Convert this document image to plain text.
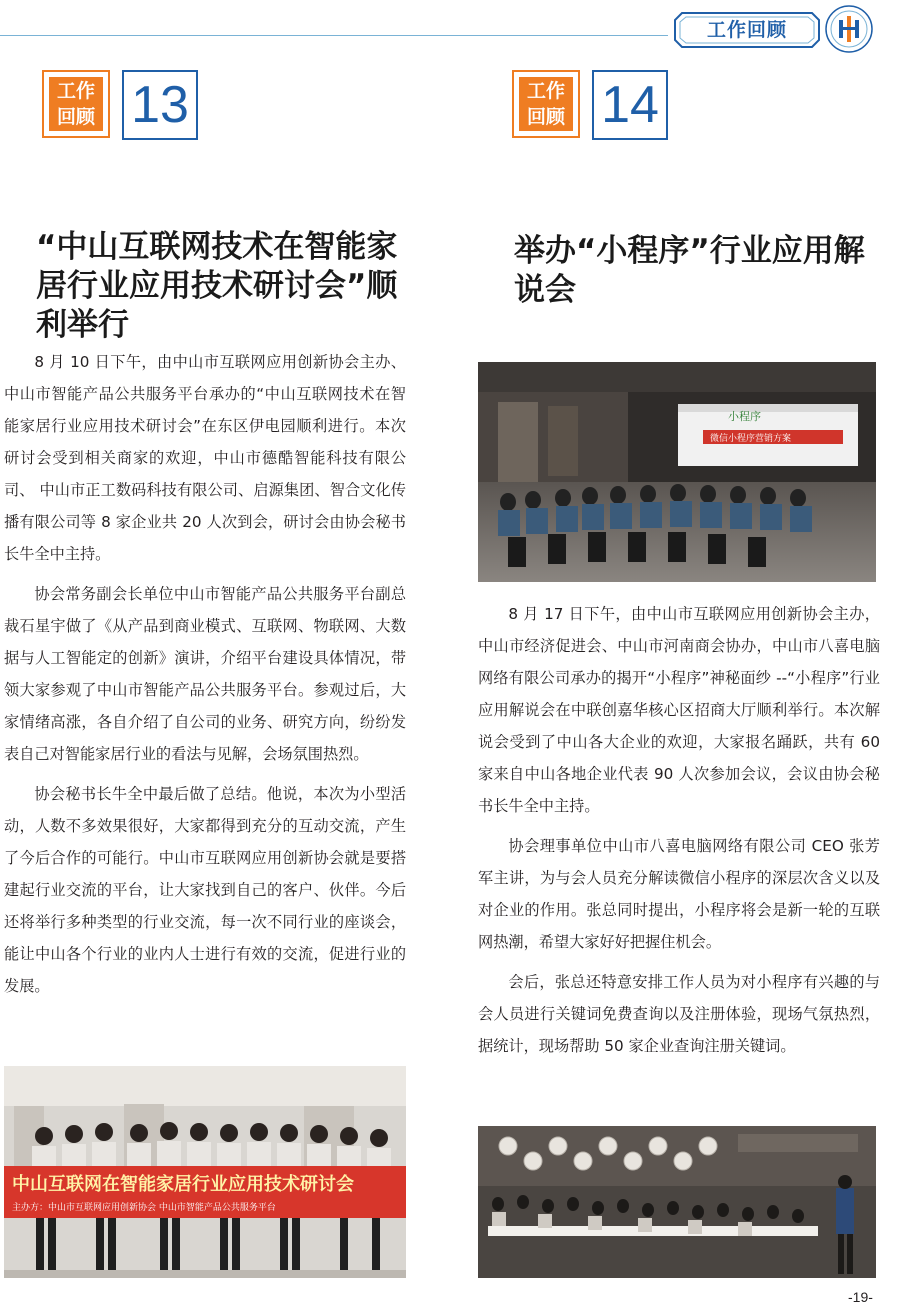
工作回顾
工作回顾 13	工作回顾 14
“中山互联网技术在智能家居行业应用技术研讨会”顺利举行

8 月 10 日下午，由中山市互联网应用创新协会主办、中山市智能产品公共服务平台承办的“中山互联网技术在智能家居行业应用技术研讨会”在东区伊电园顺利进行。本次研讨会受到相关商家的欢迎，中山市德酷智能科技有限公司、 中山市正工数码科技有限公司、启源集团、智合文化传播有限公司等 8 家企业共 20 人次到会，研讨会由协会秘书长牛全中主持。

协会常务副会长单位中山市智能产品公共服务平台副总裁石星宇做了《从产品到商业模式、互联网、物联网、大数据与人工智能定的创新》演讲，介绍平台建设具体情况，带领大家参观了中山市智能产品公共服务平台。参观过后，大家情绪高涨，各自介绍了自公司的业务、研究方向，纷纷发表自己对智能家居行业的看法与见解，会场氛围热烈。

协会秘书长牛全中最后做了总结。他说，本次为小型活动，人数不多效果很好，大家都得到充分的互动交流，产生了今后合作的可能行。中山市互联网应用创新协会就是要搭建起行业交流的平台，让大家找到自己的客户、伙伴。今后还将举行多种类型的行业交流，每一次不同行业的座谈会，能让中山各个行业的业内人士进行有效的交流，促进行业的发展。

举办“小程序”行业应用解说会

8 月 17 日下午，由中山市互联网应用创新协会主办，中山市经济促进会、中山市河南商会协办，中山市八喜电脑网络有限公司承办的揭开“小程序”神秘面纱 --“小程序”行业应用解说会在中联创嘉华核心区招商大厅顺利举行。本次解说会受到了中山各大企业的欢迎，大家报名踊跃，共有 60 家来自中山各地企业代表 90 人次参加会议，会议由协会秘书长牛全中主持。

协会理事单位中山市八喜电脑网络有限公司 CEO 张芳军主讲，为与会人员充分解读微信小程序的深层次含义以及对企业的作用。张总同时提出，小程序将会是新一轮的互联网热潮，希望大家好好把握住机会。

会后，张总还特意安排工作人员为对小程序有兴趣的与会人员进行关键词免费查询以及注册体验，现场气氛热烈，据统计，现场帮助 50 家企业查询注册关键词。

小程序
微信小程序营销方案
中山互联网在智能家居行业应用技术研讨会
主办方：中山市互联网应用创新协会 中山市智能产品公共服务平台
-19-
